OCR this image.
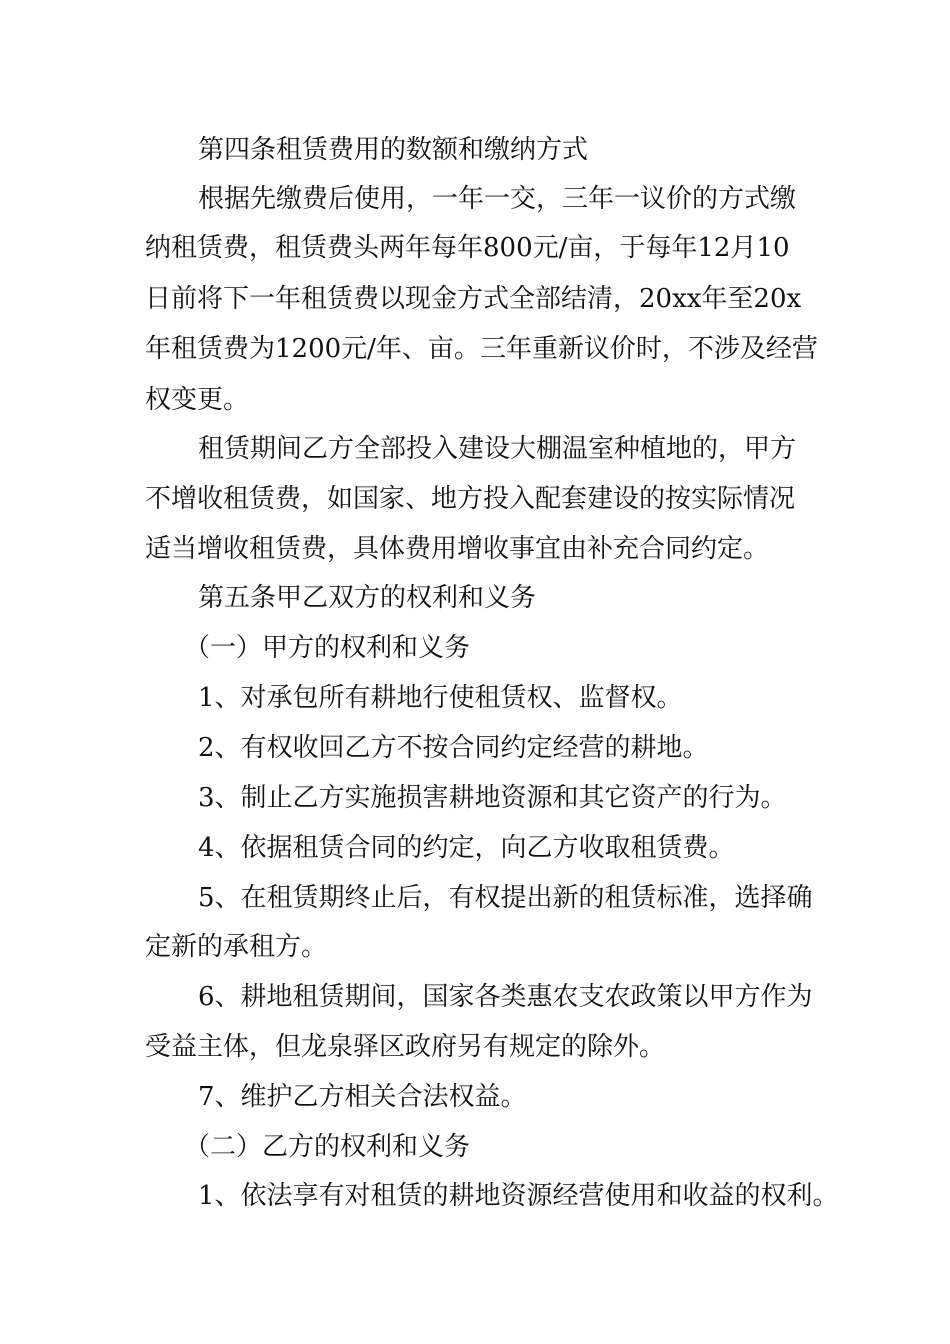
第四条租赁费用的数额和缴纳方式

根据先缴费后使用，一年一交，三年一议价的方式缴

纳租赁费，租赁费头两年每年800元/亩，于每年12月10

日前将下一年租赁费以现金方式全部结清，20xx年至20x

年租赁费为1200元/年、亩。三年重新议价时，不涉及经营

权变更。

租赁期间乙方全部投入建设大棚温室种植地的，甲方

不增收租赁费，如国家、地方投入配套建设的按实际情况

适当增收租赁费，具体费用增收事宜由补充合同约定。

第五条甲乙双方的权利和义务

（一）甲方的权利和义务

1、对承包所有耕地行使租赁权、监督权。

2、有权收回乙方不按合同约定经营的耕地。

3、制止乙方实施损害耕地资源和其它资产的行为。

4、依据租赁合同的约定，向乙方收取租赁费。

5、在租赁期终止后，有权提出新的租赁标准，选择确

定新的承租方。

6、耕地租赁期间，国家各类惠农支农政策以甲方作为

受益主体，但龙泉驿区政府另有规定的除外。

7、维护乙方相关合法权益。

（二）乙方的权利和义务

1、依法享有对租赁的耕地资源经营使用和收益的权利。
